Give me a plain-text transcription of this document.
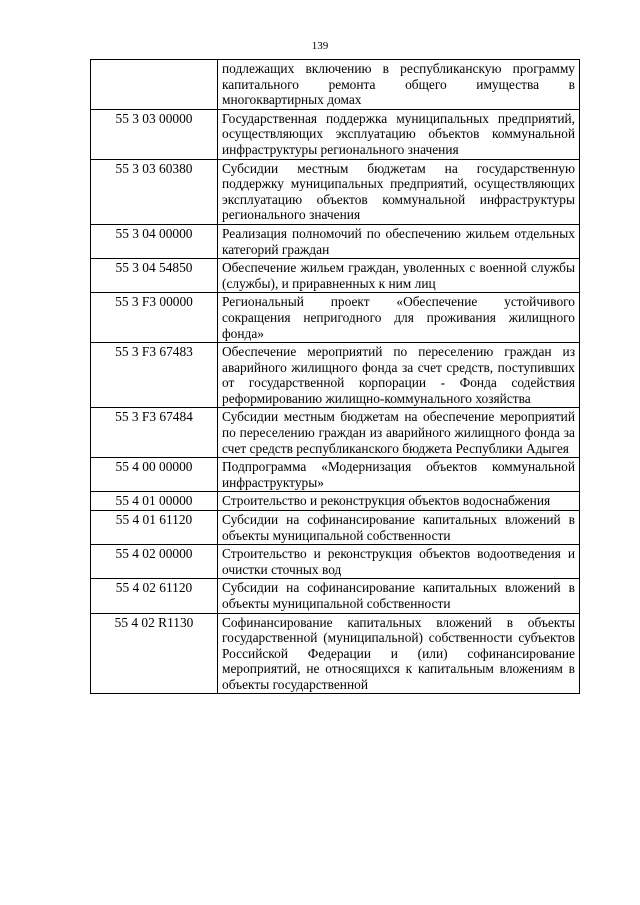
139
	подлежащих включению в республиканскую программу капитального ремонта общего имущества в многоквартирных домах
55 3 03 00000	Государственная поддержка муниципальных предприятий, осуществляющих эксплуатацию объектов коммунальной инфраструктуры регионального значения
55 3 03 60380	Субсидии местным бюджетам на государственную поддержку муниципальных предприятий, осуществляющих эксплуатацию объектов коммунальной инфраструктуры регионального значения
55 3 04 00000	Реализация полномочий по обеспечению жильем отдельных категорий граждан
55 3 04 54850	Обеспечение жильем граждан, уволенных с военной службы (службы), и приравненных к ним лиц
55 3 F3 00000	Региональный проект «Обеспечение устойчивого сокращения непригодного для проживания жилищного фонда»
55 3 F3 67483	Обеспечение мероприятий по переселению граждан из аварийного жилищного фонда за счет средств, поступивших от государственной корпорации - Фонда содействия реформированию жилищно-коммунального хозяйства
55 3 F3 67484	Субсидии местным бюджетам на обеспечение мероприятий по переселению граждан из аварийного жилищного фонда за счет средств республиканского бюджета Республики Адыгея
55 4 00 00000	Подпрограмма «Модернизация объектов коммунальной инфраструктуры»
55 4 01 00000	Строительство и реконструкция объектов водоснабжения
55 4 01 61120	Субсидии на софинансирование капитальных вложений в объекты муниципальной собственности
55 4 02 00000	Строительство и реконструкция объектов водоотведения и очистки сточных вод
55 4 02 61120	Субсидии на софинансирование капитальных вложений в объекты муниципальной собственности
55 4 02 R1130	Софинансирование капитальных вложений в объекты государственной (муниципальной) собственности субъектов Российской Федерации и (или) софинансирование мероприятий, не относящихся к капитальным вложениям в объекты государственной
